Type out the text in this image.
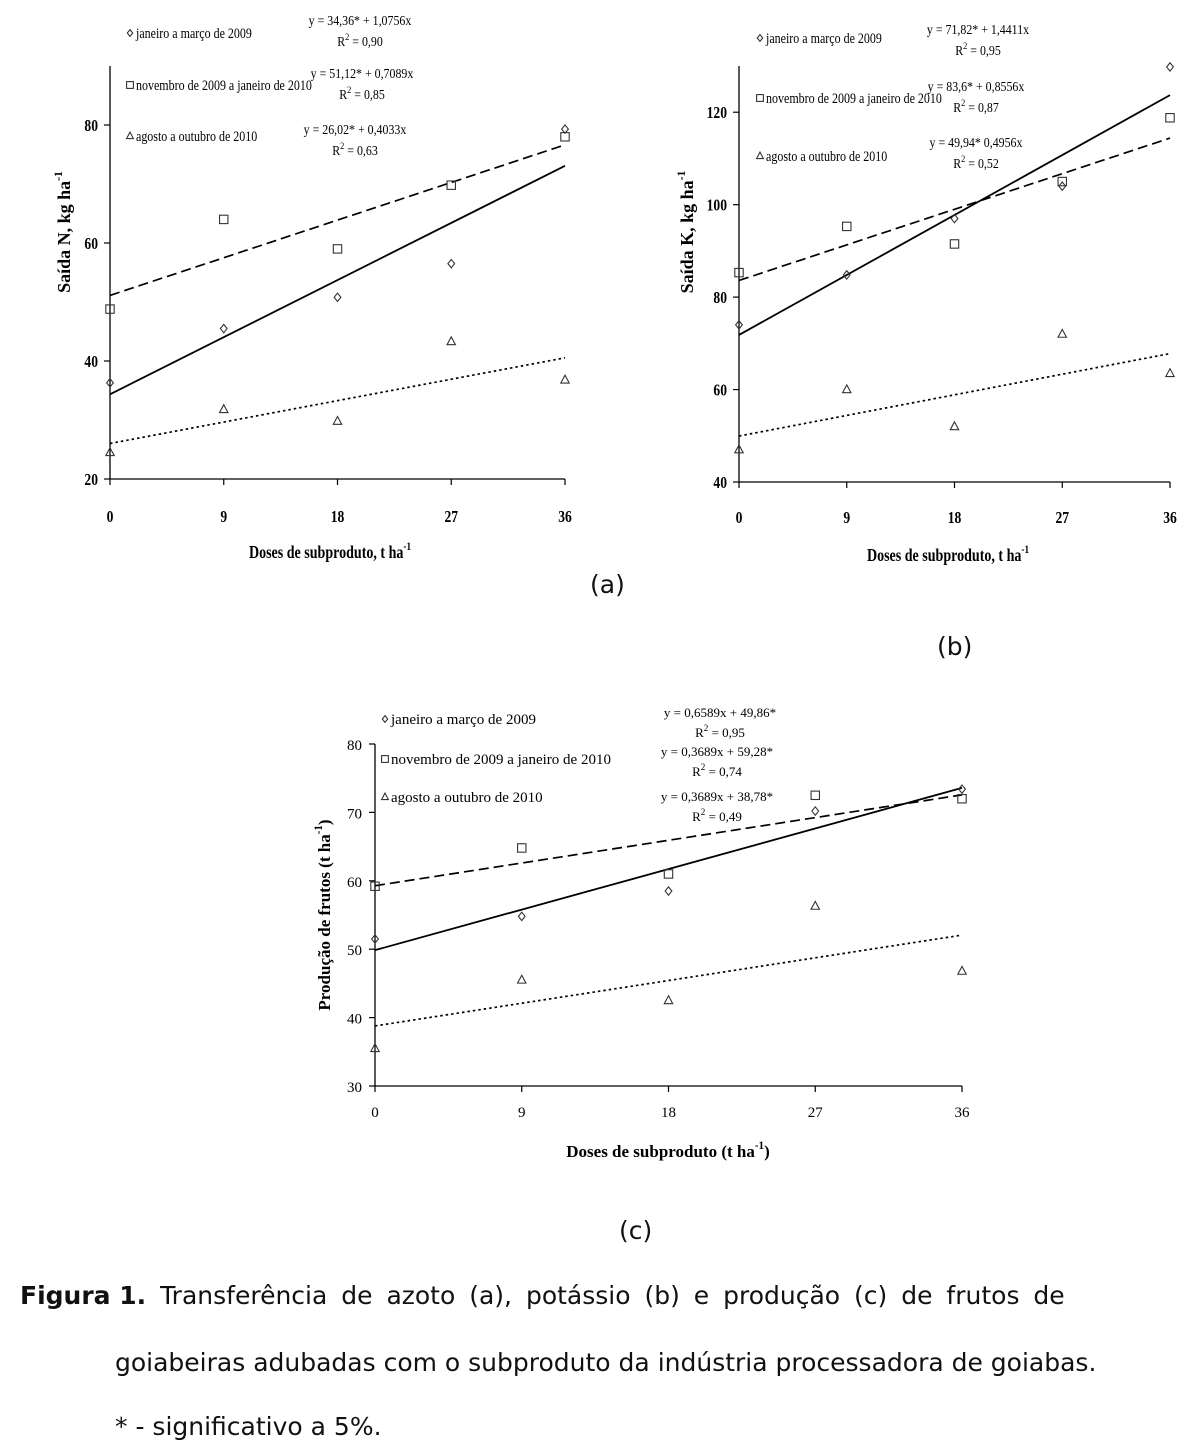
0	9	18	27	36
20
40
60
80
Doses de subproduto, t $ha^{-1}$
Saída N, kg $ha^{-1}$
janeiro a março de 2009
y = 34,36* + 1,0756x
$R^2 = 0,90$
novembro de 2009 a janeiro de 2010
y = 51,12* + 0,7089x
$R^2 = 0,85$
agosto a outubro de 2010	y = 26,02* + 0,4033x
$R^2 = 0,63$
0	9	18	27	36
40
60
80
100
120
Doses de subproduto, t $ha^{-1}$
Saída K, kg $ha^{-1}$
janeiro a março de 2009
y = 71,82* + 1,4411x
$R^2 = 0,95$
novembro de 2009 a janeiro de 2010
y = 83,6* + 0,8556x
$R^2 = 0,87$
agosto a outubro de 2010
y = 49,94* 0,4956x
$R^2 = 0,52$
0	9	18	27	36
30
40
50
60
70
80
Doses de subproduto (t $ha^{-1}$)
Produção de frutos (t $ha^{-1}$)
janeiro a março de 2009	y = 0,6589x + 49,86*
$R^2 = 0,95$
novembro de 2009 a janeiro de 2010
y = 0,3689x + 59,28*
$R^2 = 0,74$
agosto a outubro de 2010	y = 0,3689x + 38,78*
$R^2 = 0,49$
(a)
(b)
(c)
Figura 1. Transferência de azoto (a), potássio (b) e produção (c) de frutos de
goiabeiras adubadas com o subproduto da indústria processadora de goiabas.
* - significativo a 5%.
